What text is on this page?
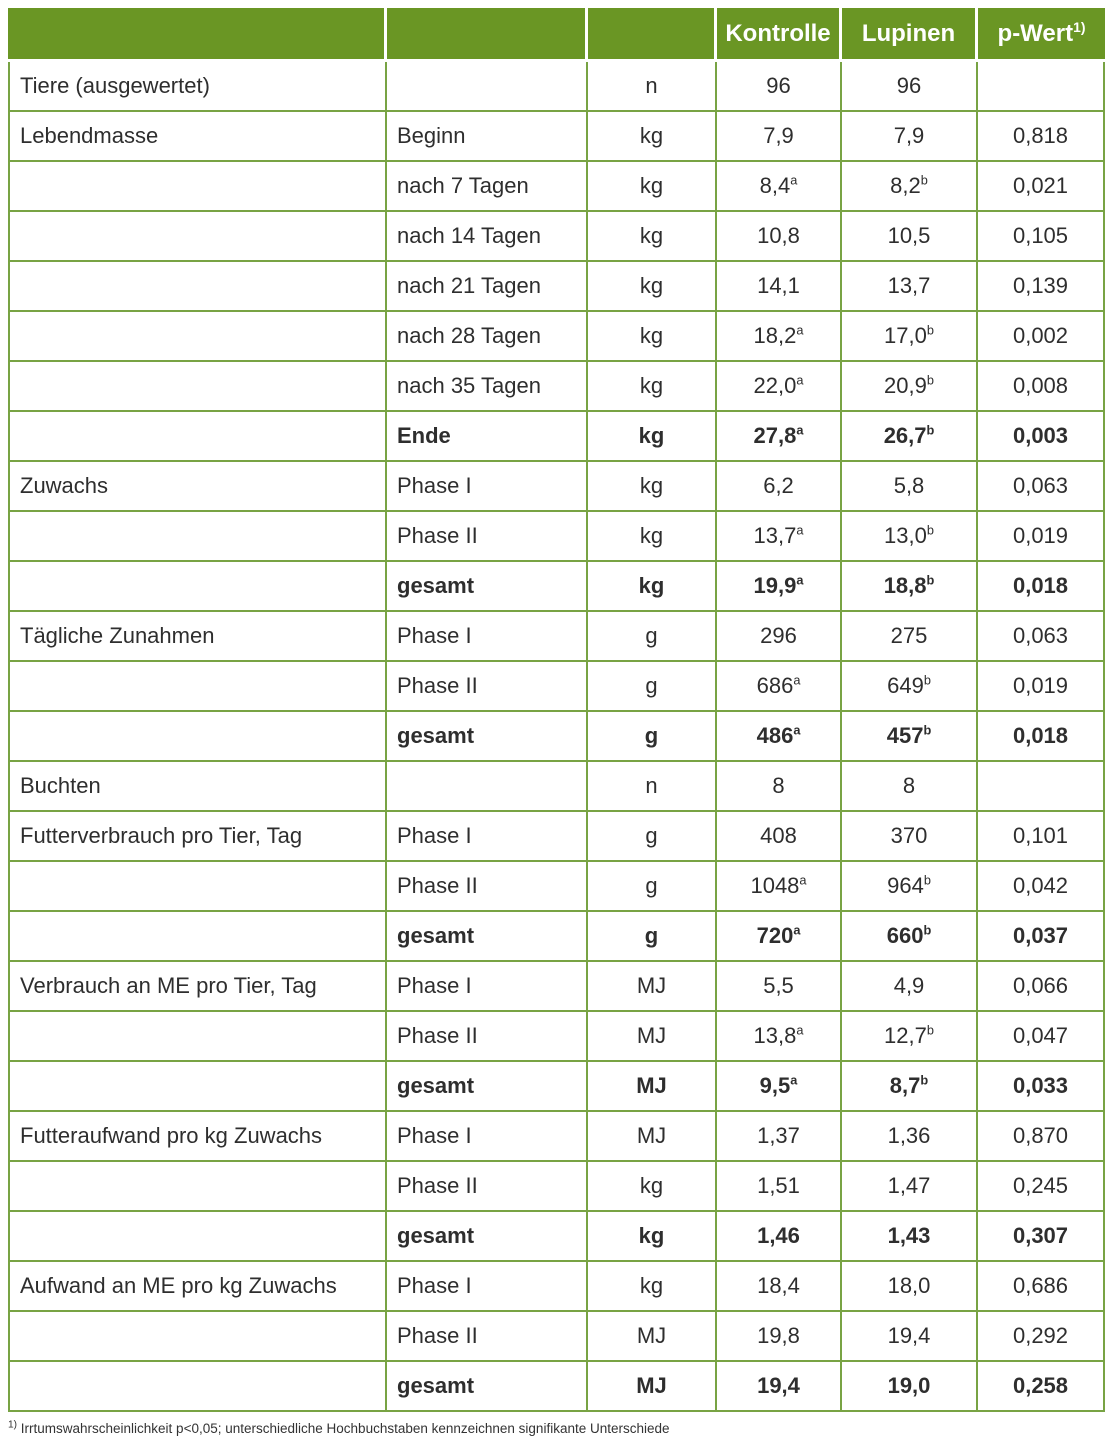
			Kontrolle	Lupinen	p-Wert$^{1)}$
Tiere (ausgewertet)		n	96	96	
Lebendmasse	Beginn	kg	7,9	7,9	0,818
	nach 7 Tagen	kg	8,4$^a$	8,2$^b$	0,021
	nach 14 Tagen	kg	10,8	10,5	0,105
	nach 21 Tagen	kg	14,1	13,7	0,139
	nach 28 Tagen	kg	18,2$^a$	17,0$^b$	0,002
	nach 35 Tagen	kg	22,0$^a$	20,9$^b$	0,008
	Ende	kg	27,8$^a$	26,7$^b$	0,003
Zuwachs	Phase I	kg	6,2	5,8	0,063
	Phase II	kg	13,7$^a$	13,0$^b$	0,019
	gesamt	kg	19,9$^a$	18,8$^b$	0,018
Tägliche Zunahmen	Phase I	g	296	275	0,063
	Phase II	g	686$^a$	649$^b$	0,019
	gesamt	g	486$^a$	457$^b$	0,018
Buchten		n	8	8	
Futterverbrauch pro Tier, Tag	Phase I	g	408	370	0,101
	Phase II	g	1048$^a$	964$^b$	0,042
	gesamt	g	720$^a$	660$^b$	0,037
Verbrauch an ME pro Tier, Tag	Phase I	MJ	5,5	4,9	0,066
	Phase II	MJ	13,8$^a$	12,7$^b$	0,047
	gesamt	MJ	9,5$^a$	8,7$^b$	0,033
Futteraufwand pro kg Zuwachs	Phase I	MJ	1,37	1,36	0,870
	Phase II	kg	1,51	1,47	0,245
	gesamt	kg	1,46	1,43	0,307
Aufwand an ME pro kg Zuwachs	Phase I	kg	18,4	18,0	0,686
	Phase II	MJ	19,8	19,4	0,292
	gesamt	MJ	19,4	19,0	0,258
$^{1)}$ Irrtumswahrscheinlichkeit p<0,05; unterschiedliche Hochbuchstaben kennzeichnen signifikante Unterschiede
